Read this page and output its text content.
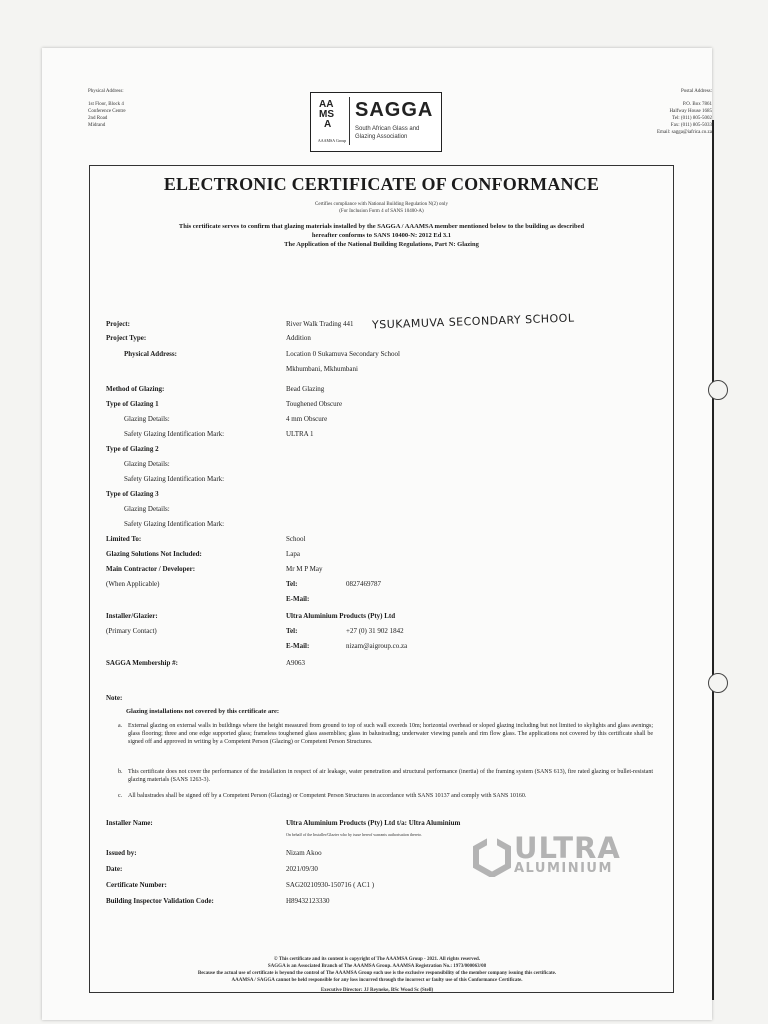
Physical Address:
1st Floor, Block 4
Conference Centre
2nd Road
Midrand
AA
MS
A
AAAMSA Group
SAGGA
South African Glass and Glazing Association
Postal Address:
P.O. Box 7861
Halfway House 1685
Tel: (011) 805-5002
Fax: (011) 805-5033
Email: sagga@iafrica.co.za
ELECTRONIC CERTIFICATE OF CONFORMANCE
Certifies compliance with National Building Regulation N(2) only
(For Inclusion Form 4 of SANS 10400-A)
This certificate serves to confirm that glazing materials installed by the SAGGA / AAAMSA member mentioned below to the building as described
hereafter conforms to SANS 10400-N: 2012 Ed 3.1
The Application of the National Building Regulations, Part N: Glazing
Project:	River Walk Trading 441
Project Type:	Addition
Physical Address:	Location 0 Sukamuva Secondary School
Mkhumbani, Mkhumbani
Method of Glazing:	Bead Glazing
Type of Glazing 1	Toughened Obscure
Glazing Details:	4 mm Obscure
Safety Glazing Identification Mark:	ULTRA 1
Type of Glazing 2
Glazing Details:
Safety Glazing Identification Mark:
Type of Glazing 3
Glazing Details:
Safety Glazing Identification Mark:
Limited To:	School
Glazing Solutions Not Included:	Lapa
Main Contractor / Developer:	Mr M P May
(When Applicable)	Tel:	0827469787
E-Mail:
Installer/Glazier:	Ultra Aluminium Products (Pty) Ltd
(Primary Contact)	Tel:	+27 (0) 31 902 1842
E-Mail:	nizam@aigroup.co.za
SAGGA Membership #:	A9063
YSUKAMUVA SECONDARY SCHOOL
Note:
Glazing installations not covered by this certificate are:
a. External glazing on external walls in buildings where the height measured from ground to top of such wall exceeds 10m; horizontal overhead or sloped glazing including but not limited to skylights and glass awnings; glass flooring; three and one edge supported glass; frameless toughened glass assemblies; glass in balustrading; underwater viewing panels and rim flow glass. The applications not covered by this certificate shall be signed off and approved in writing by a Competent Person (Glazing) or Competent Person Structures.
b. This certificate does not cover the performance of the installation in respect of air leakage, water penetration and structural performance (inertia) of the framing system (SANS 613), fire rated glazing or bullet-resistant glazing materials (SANS 1263-3).
c. All balustrades shall be signed off by a Competent Person (Glazing) or Competent Person Structures in accordance with SANS 10137 and comply with SANS 10160.
Installer Name:	Ultra Aluminium Products (Pty) Ltd t/a: Ultra Aluminium
On behalf of the Installer/Glazier who by issue hereof warrants authorisation thereto.
Issued by:	Nizam Akoo
Date:	2021/09/30
Certificate Number:	SAG20210930-150716 ( AC1 )
Building Inspector Validation Code:	H89432123330
ULTRA
ALUMINIUM
© This certificate and its content is copyright of The AAAMSA Group - 2021. All rights reserved.
SAGGA is an Associated Branch of The AAAMSA Group. AAAMSA Registration No.: 1973/000063/08
Because the actual use of certificate is beyond the control of The AAAMSA Group such use is the exclusive responsibility of the member company issuing this certificate.
AAAMSA / SAGGA cannot be held responsible for any loss incurred through the incorrect or faulty use of this Conformance Certificate.
Executive Director: JJ Reyneke, BSc Wood Sc (Stell)
